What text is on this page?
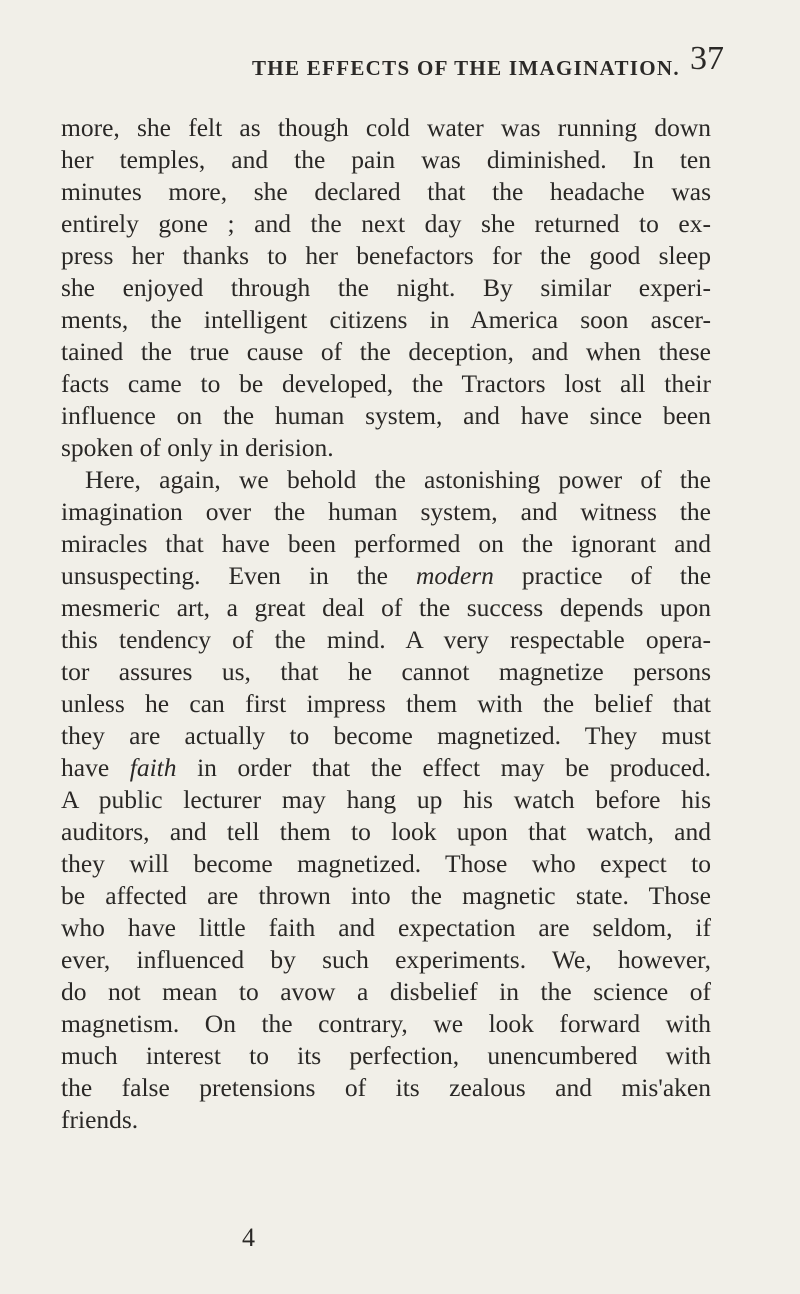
THE EFFECTS OF THE IMAGINATION. 37
more, she felt as though cold water was running down
her temples, and the pain was diminished. In ten
minutes more, she declared that the headache was
entirely gone ; and the next day she returned to ex-
press her thanks to her benefactors for the good sleep
she enjoyed through the night. By similar experi-
ments, the intelligent citizens in America soon ascer-
tained the true cause of the deception, and when these
facts came to be developed, the Tractors lost all their
influence on the human system, and have since been
spoken of only in derision.
Here, again, we behold the astonishing power of the
imagination over the human system, and witness the
miracles that have been performed on the ignorant and
unsuspecting. Even in the modern practice of the
mesmeric art, a great deal of the success depends upon
this tendency of the mind. A very respectable opera-
tor assures us, that he cannot magnetize persons
unless he can first impress them with the belief that
they are actually to become magnetized. They must
have faith in order that the effect may be produced.
A public lecturer may hang up his watch before his
auditors, and tell them to look upon that watch, and
they will become magnetized. Those who expect to
be affected are thrown into the magnetic state. Those
who have little faith and expectation are seldom, if
ever, influenced by such experiments. We, however,
do not mean to avow a disbelief in the science of
magnetism. On the contrary, we look forward with
much interest to its perfection, unencumbered with
the false pretensions of its zealous and mis'aken
friends.
4
